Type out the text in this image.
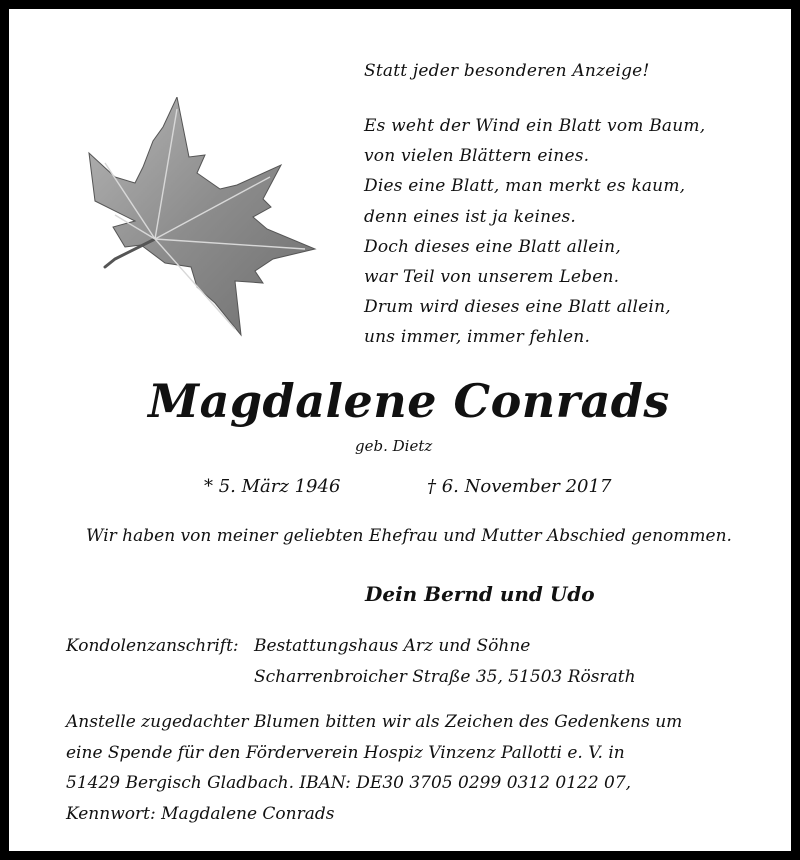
Statt jeder besonderen Anzeige!
Es weht der Wind ein Blatt vom Baum,
von vielen Blättern eines.
Dies eine Blatt, man merkt es kaum,
denn eines ist ja keines.
Doch dieses eine Blatt allein,
war Teil von unserem Leben.
Drum wird dieses eine Blatt allein,
uns immer, immer fehlen.
Magdalene Conrads
geb. Dietz
* 5. März 1946	† 6. November 2017
Wir haben von meiner geliebten Ehefrau und Mutter Abschied genommen.
Dein Bernd und Udo
Kondolenzanschrift: Bestattungshaus Arz und Söhne
Scharrenbroicher Straße 35, 51503 Rösrath
Anstelle zugedachter Blumen bitten wir als Zeichen des Gedenkens um
eine Spende für den Förderverein Hospiz Vinzenz Pallotti e. V. in
51429 Bergisch Gladbach. IBAN: DE30 3705 0299 0312 0122 07,
Kennwort: Magdalene Conrads
